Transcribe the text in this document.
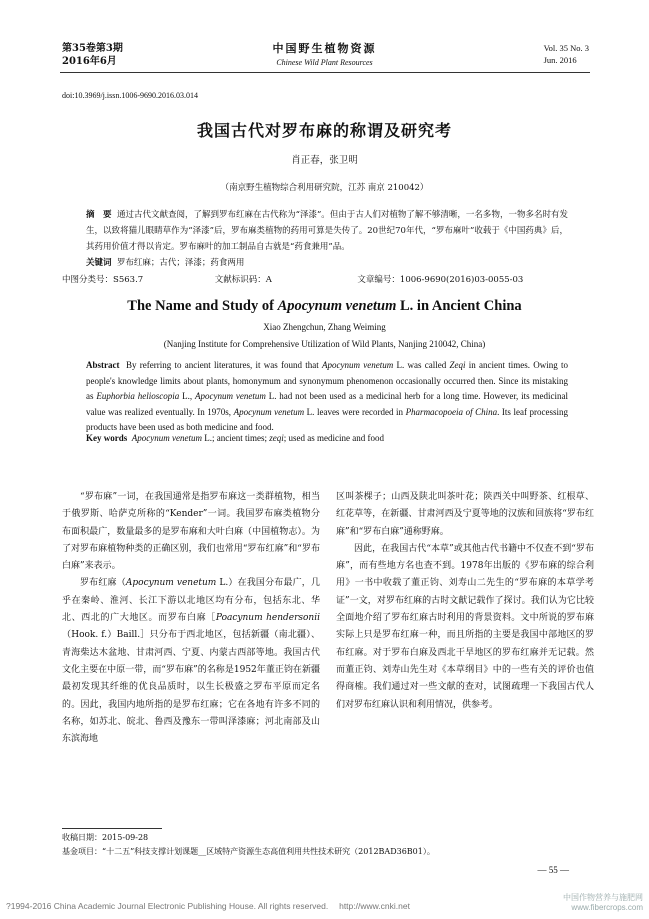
第35卷第3期
2016年6月
中国野生植物资源
Chinese Wild Plant Resources
Vol. 35 No. 3
Jun. 2016
doi:10.3969/j.issn.1006-9690.2016.03.014
我国古代对罗布麻的称谓及研究考
肖正春，张卫明
（南京野生植物综合利用研究院，江苏 南京 210042）
摘　要 通过古代文献查阅，了解到罗布红麻在古代称为“泽漆”。但由于古人们对植物了解不够清晰，一名多物，一物多名时有发生，以致将猫儿眼睛草作为“泽漆”后，罗布麻类植物的药用可算是失传了。20世纪70年代，“罗布麻叶”收载于《中国药典》后，其药用价值才得以肯定。罗布麻叶的加工制品自古就是“药食兼用”品。
关键词 罗布红麻；古代；泽漆；药食两用
中图分类号：S563.7	文献标识码：A	文章编号：1006-9690(2016)03-0055-03
The Name and Study of Apocynum venetum L. in Ancient China
Xiao Zhengchun, Zhang Weiming
(Nanjing Institute for Comprehensive Utilization of Wild Plants, Nanjing 210042, China)
Abstract By referring to ancient literatures, it was found that Apocynum venetum L. was called Zeqi in ancient times. Owing to people's knowledge limits about plants, homonymum and synonymum phenomenon occasionally occurred then. Since its mistaking as Euphorbia helioscopia L., Apocynum venetum L. had not been used as a medicinal herb for a long time. However, its medicinal value was realized eventually. In 1970s, Apocynum venetum L. leaves were recorded in Pharmacopoeia of China. Its leaf processing products have been used as both medicine and food.
Key words Apocynum venetum L.; ancient times; zeqi; used as medicine and food

“罗布麻”一词，在我国通常是指罗布麻这一类群植物，相当于俄罗斯、哈萨克所称的“Kender”一词。我国罗布麻类植物分布面积最广，数量最多的是罗布麻和大叶白麻（中国植物志）。为了对罗布麻植物种类的正确区别，我们也常用“罗布红麻”和“罗布白麻”来表示。

罗布红麻（Apocynum venetum L.）在我国分布最广，几乎在秦岭、淮河、长江下游以北地区均有分布，包括东北、华北、西北的广大地区。而罗布白麻［Poacynum hendersonii（Hook. f.）Baill.］只分布于西北地区，包括新疆（南北疆）、青海柴达木盆地、甘肃河西、宁夏、内蒙古西部等地。我国古代文化主要在中原一带，而“罗布麻”的名称是1952年董正钧在新疆最初发现其纤维的优良品质时，以生长极盛之罗布平原而定名的。因此，我国内地所指的是罗布红麻；它在各地有许多不同的名称，如苏北、皖北、鲁西及豫东一带叫泽漆麻；河北南部及山东滨海地

区叫茶棵子；山西及陕北叫茶叶花；陕西关中叫野茶、红根草、红花草等，在新疆、甘肃河西及宁夏等地的汉族和回族将“罗布红麻”和“罗布白麻”通称野麻。

因此，在我国古代“本草”或其他古代书籍中不仅查不到“罗布麻”，而有些地方名也查不到。1978年出版的《罗布麻的综合利用》一书中收载了董正钧、刘寿山二先生的“罗布麻的本草学考证”一文，对罗布红麻的古时文献记载作了探讨。我们认为它比较全面地介绍了罗布红麻古时利用的背景资料。文中所说的罗布麻实际上只是罗布红麻一种，而且所指的主要是我国中部地区的罗布红麻。对于罗布白麻及西北干旱地区的罗布红麻并无记载。然而董正钧、刘寿山先生对《本草纲目》中的一些有关的评价也值得商榷。我们通过对一些文献的查对，试图疏理一下我国古代人们对罗布红麻认识和利用情况，供参考。

收稿日期：2015-09-28
基金项目：“十二五”科技支撑计划课题__区域特产资源生态高值利用共性技术研究（2012BAD36B01）。
— 55 —
?1994-2016 China Academic Journal Electronic Publishing House. All rights reserved.　 http://www.cnki.net
中国作物营养与施肥网
www.fibercrops.com
